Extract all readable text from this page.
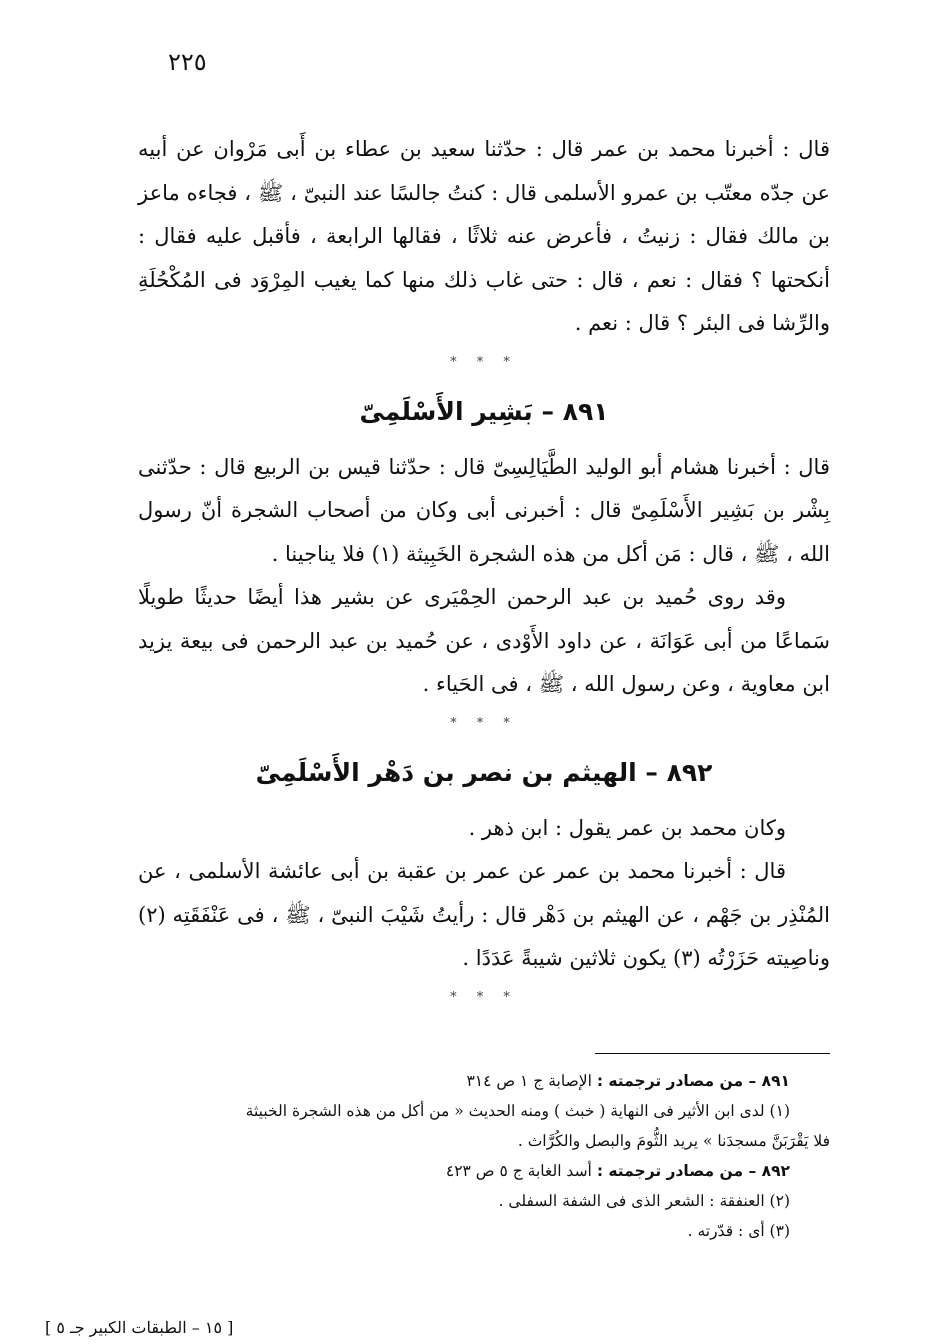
٢٢٥

قال : أخبرنا محمد بن عمر قال : حدّثنا سعيد بن عطاء بن أَبى مَرْوان عن أبيه عن جدّه معتّب بن عمرو الأسلمى قال : كنتُ جالسًا عند النبىّ ، ﷺ ، فجاءه ماعز بن مالك فقال : زنيتُ ، فأعرض عنه ثلاثًا ، فقالها الرابعة ، فأقبل عليه فقال : أنكحتها ؟ فقال : نعم ، قال : حتى غاب ذلك منها كما يغيب المِرْوَد فى المُكْحُلَةِ والرِّشا فى البئر ؟ قال : نعم .

* * *
٨٩١ – بَشِير الأَسْلَمِىّ

قال : أخبرنا هشام أبو الوليد الطَّيَالِسِىّ قال : حدّثنا قيس بن الربيع قال : حدّثنى بِشْر بن بَشِير الأَسْلَمِىّ قال : أخبرنى أبى وكان من أصحاب الشجرة أنّ رسول الله ، ﷺ ، قال : مَن أكل من هذه الشجرة الخَبِيثة (١) فلا يناجينا .

وقد روى حُميد بن عبد الرحمن الحِمْيَرى عن بشير هذا أيضًا حديثًا طويلًا سَماعًا من أبى عَوَانَة ، عن داود الأَوْدى ، عن حُميد بن عبد الرحمن فى بيعة يزيد ابن معاوية ، وعن رسول الله ، ﷺ ، فى الحَياء .

* * *
٨٩٢ – الهيثم بن نصر بن دَهْر الأَسْلَمِىّ

وكان محمد بن عمر يقول : ابن ذهر .

قال : أخبرنا محمد بن عمر عن عمر بن عقبة بن أبى عائشة الأسلمى ، عن المُنْذِر بن جَهْم ، عن الهيثم بن دَهْر قال : رأيتُ شَيْبَ النبىّ ، ﷺ ، فى عَنْفَقَتِه (٢) وناصِيته حَزَرْتُه (٣) يكون ثلاثين شيبةً عَدَدًا .

* * *

٨٩١ – من مصادر ترجمته : الإصابة ج ١ ص ٣١٤

(١) لدى ابن الأثير فى النهاية ( خبث ) ومنه الحديث « من أكل من هذه الشجرة الخبيثة

فلا يَقْرَبَنَّ مسجدَنا » يريد الثُّومَ والبصل والكُرَّاث .

٨٩٢ – من مصادر ترجمته : أسد الغابة ج ٥ ص ٤٢٣

(٢) العنفقة : الشعر الذى فى الشفة السفلى .

(٣) أى : قدّرته .

[ ١٥ – الطبقات الكبير جـ ٥ ]
